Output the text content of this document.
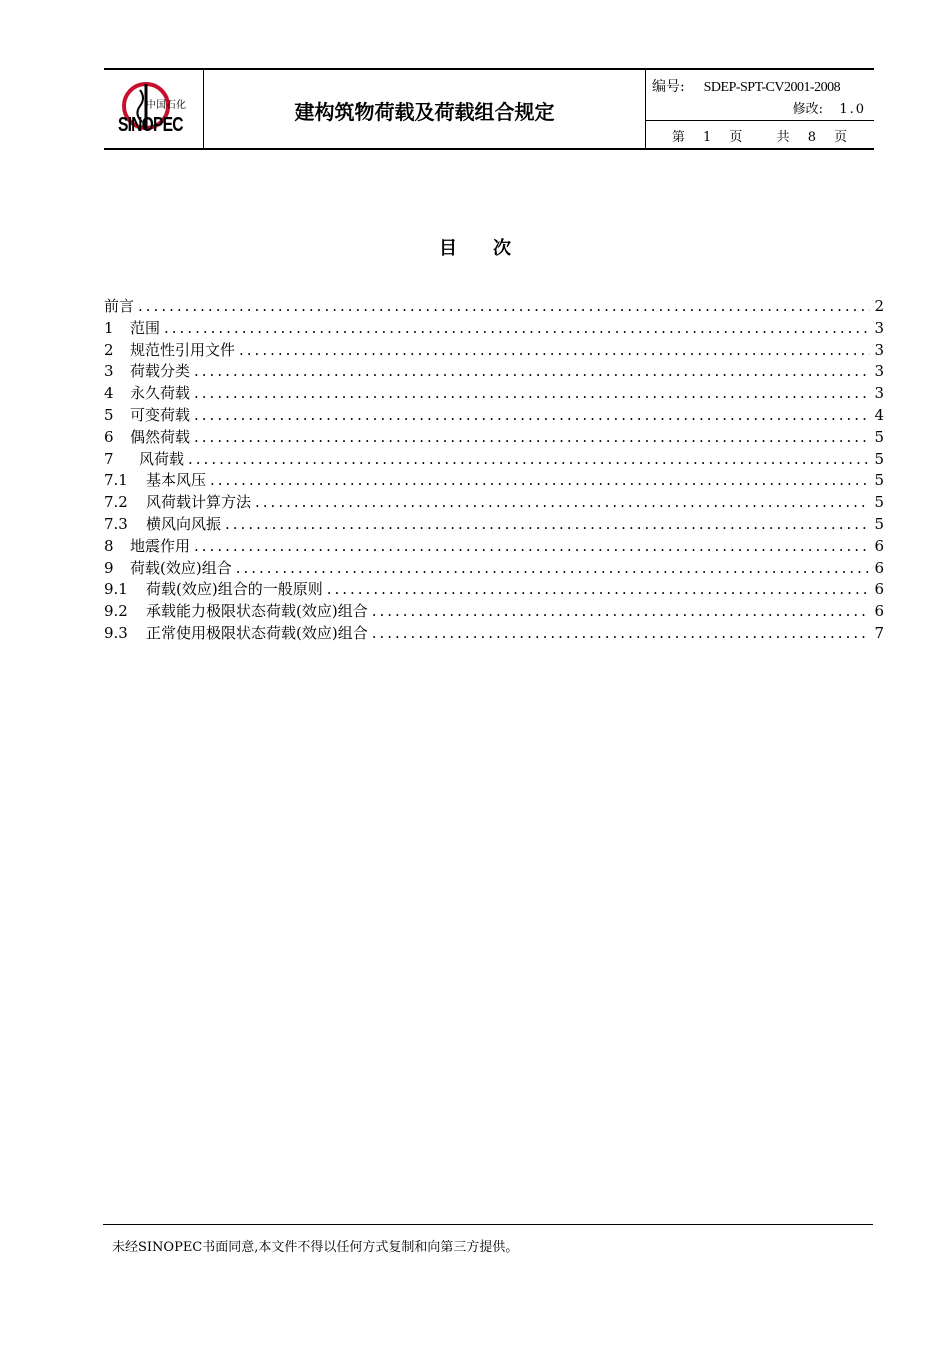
中国石化
SINOPEC
建构筑物荷载及荷载组合规定
编号: SDEP-SPT-CV2001-2008
修改: 1.0
第 1 页	共 8 页
目次
前言 .....	2
1 范围 .....	3
2 规范性引用文件 .....	3
3 荷载分类 .....	3
4 永久荷载 .....	3
5 可变荷载 .....	4
6 偶然荷载 .....	5
7 风荷载 .....	5
7.1 基本风压 .....	5
7.2 风荷载计算方法 .....	5
7.3 横风向风振 .....	5
8 地震作用 .....	6
9 荷载(效应)组合 .....	6
9.1 荷载(效应)组合的一般原则 .....	6
9.2 承载能力极限状态荷载(效应)组合 .....	6
9.3 正常使用极限状态荷载(效应)组合 .....	7
未经SINOPEC书面同意,本文件不得以任何方式复制和向第三方提供。
